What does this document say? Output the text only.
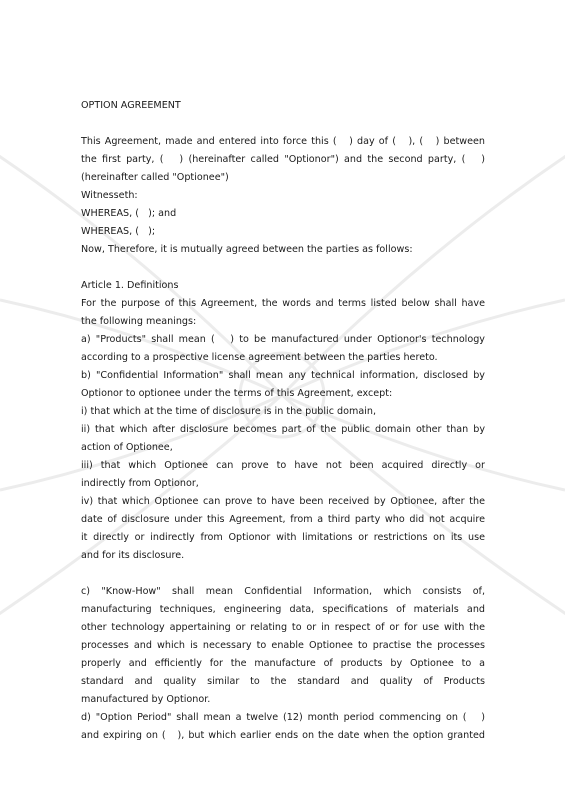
OPTION AGREEMENT
This Agreement, made and entered into force this (   ) day of (   ), (   ) between
the first party, (   ) (hereinafter called "Optionor") and the second party, (   )
(hereinafter called "Optionee")
Witnesseth:
WHEREAS, (   ); and
WHEREAS, (   );
Now, Therefore, it is mutually agreed between the parties as follows:
Article 1. Definitions
For the purpose of this Agreement, the words and terms listed below shall have
the following meanings:
a) "Products" shall mean (   ) to be manufactured under Optionor's technology
according to a prospective license agreement between the parties hereto.
b) "Confidential Information" shall mean any technical information, disclosed by
Optionor to optionee under the terms of this Agreement, except:
i) that which at the time of disclosure is in the public domain,
ii) that which after disclosure becomes part of the public domain other than by
action of Optionee,
iii) that which Optionee can prove to have not been acquired directly or
indirectly from Optionor,
iv) that which Optionee can prove to have been received by Optionee, after the
date of disclosure under this Agreement, from a third party who did not acquire
it directly or indirectly from Optionor with limitations or restrictions on its use
and for its disclosure.
c) "Know-How" shall mean Confidential Information, which consists of,
manufacturing techniques, engineering data, specifications of materials and
other technology appertaining or relating to or in respect of or for use with the
processes and which is necessary to enable Optionee to practise the processes
properly and efficiently for the manufacture of products by Optionee to a
standard and quality similar to the standard and quality of Products
manufactured by Optionor.
d) "Option Period" shall mean a twelve (12) month period commencing on (   )
and expiring on (   ), but which earlier ends on the date when the option granted
